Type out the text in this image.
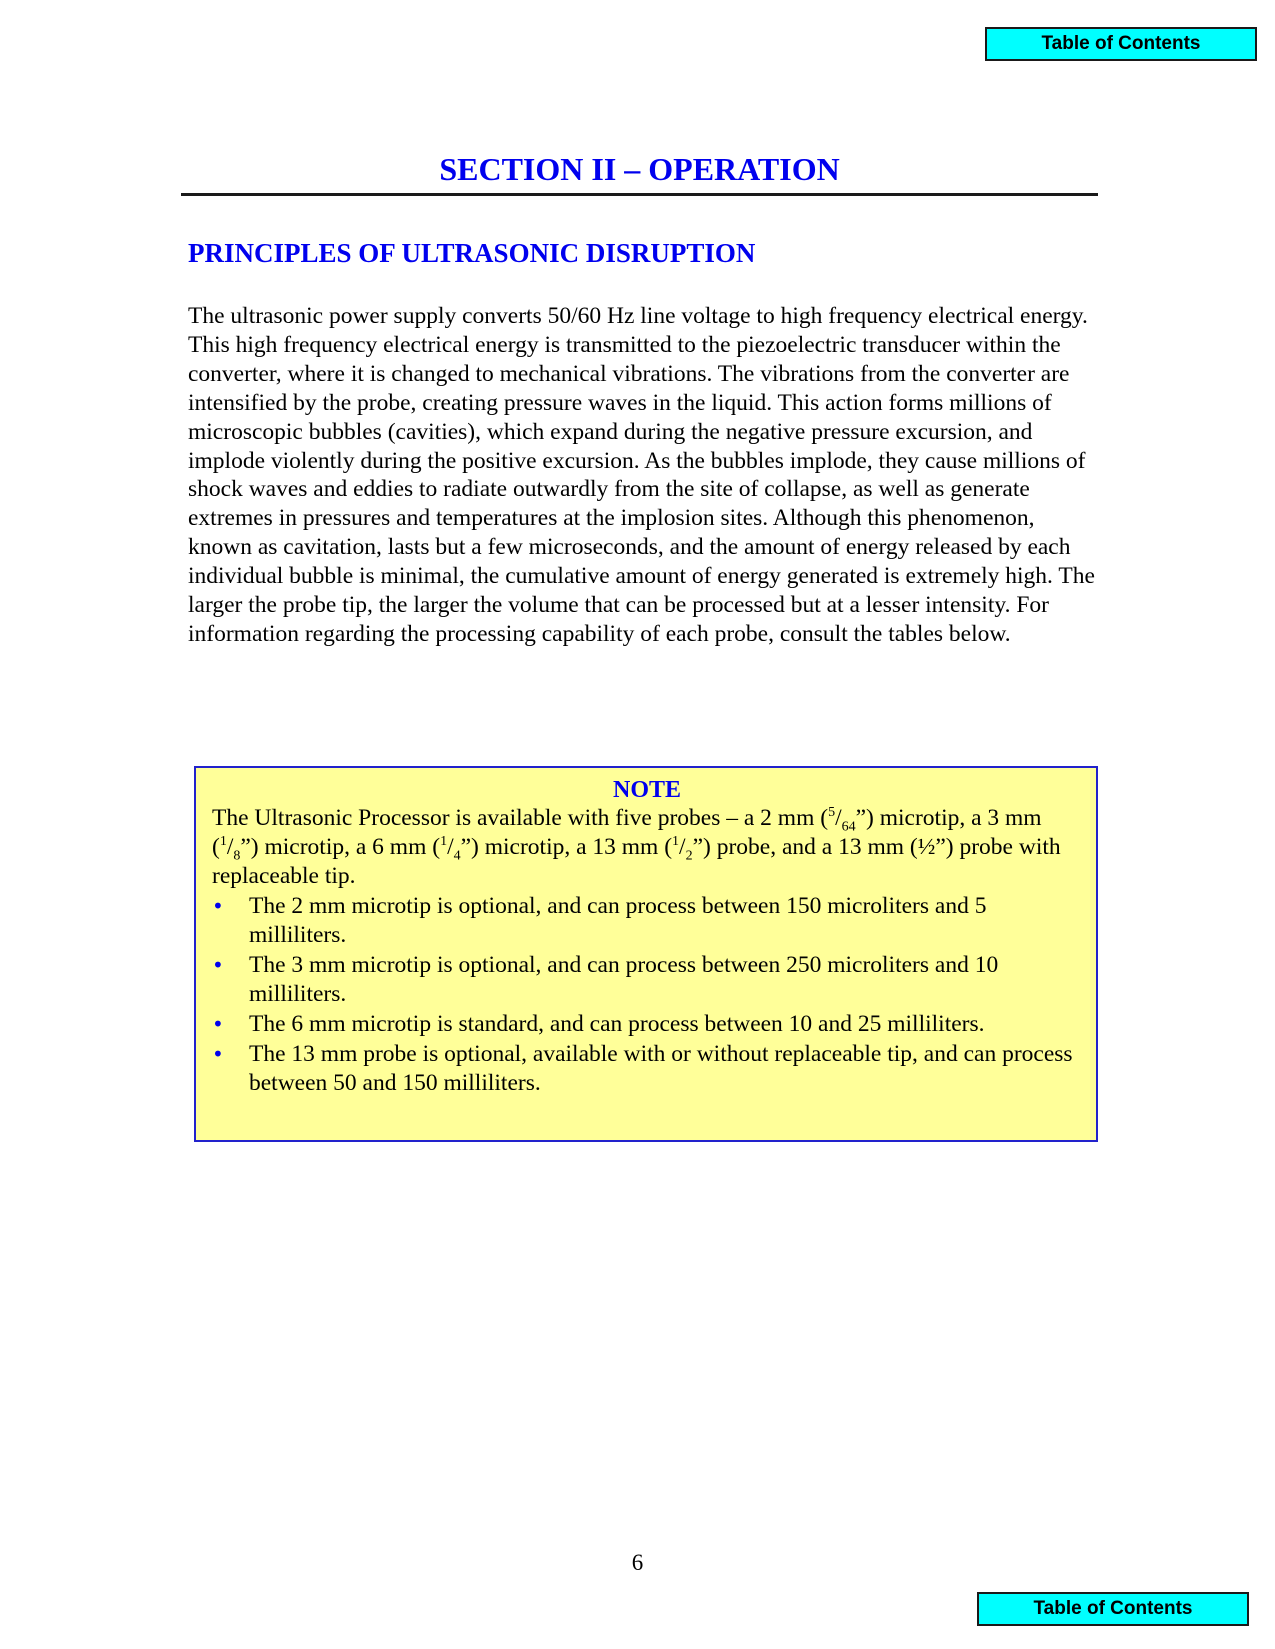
Table of Contents
SECTION II – OPERATION
PRINCIPLES OF ULTRASONIC DISRUPTION

The ultrasonic power supply converts 50/60 Hz line voltage to high frequency electrical energy. This high frequency electrical energy is transmitted to the piezoelectric transducer within the converter, where it is changed to mechanical vibrations. The vibrations from the converter are intensified by the probe, creating pressure waves in the liquid. This action forms millions of microscopic bubbles (cavities), which expand during the negative pressure excursion, and implode violently during the positive excursion. As the bubbles implode, they cause millions of shock waves and eddies to radiate outwardly from the site of collapse, as well as generate extremes in pressures and temperatures at the implosion sites. Although this phenomenon, known as cavitation, lasts but a few microseconds, and the amount of energy released by each individual bubble is minimal, the cumulative amount of energy generated is extremely high. The larger the probe tip, the larger the volume that can be processed but at a lesser intensity. For information regarding the processing capability of each probe, consult the tables below.

NOTE

The Ultrasonic Processor is available with five probes – a 2 mm $(^5/_{64}”)$ microtip, a 3 mm $(^1/_8”)$ microtip, a 6 mm $(^1/_4”)$ microtip, a 13 mm $(^1/_2”)$ probe, and a 13 mm (½”) probe with replaceable tip.

• The 2 mm microtip is optional, and can process between 150 microliters and 5 milliliters.
• The 3 mm microtip is optional, and can process between 250 microliters and 10 milliliters.
• The 6 mm microtip is standard, and can process between 10 and 25 milliliters.
• The 13 mm probe is optional, available with or without replaceable tip, and can process between 50 and 150 milliliters.
6
Table of Contents
